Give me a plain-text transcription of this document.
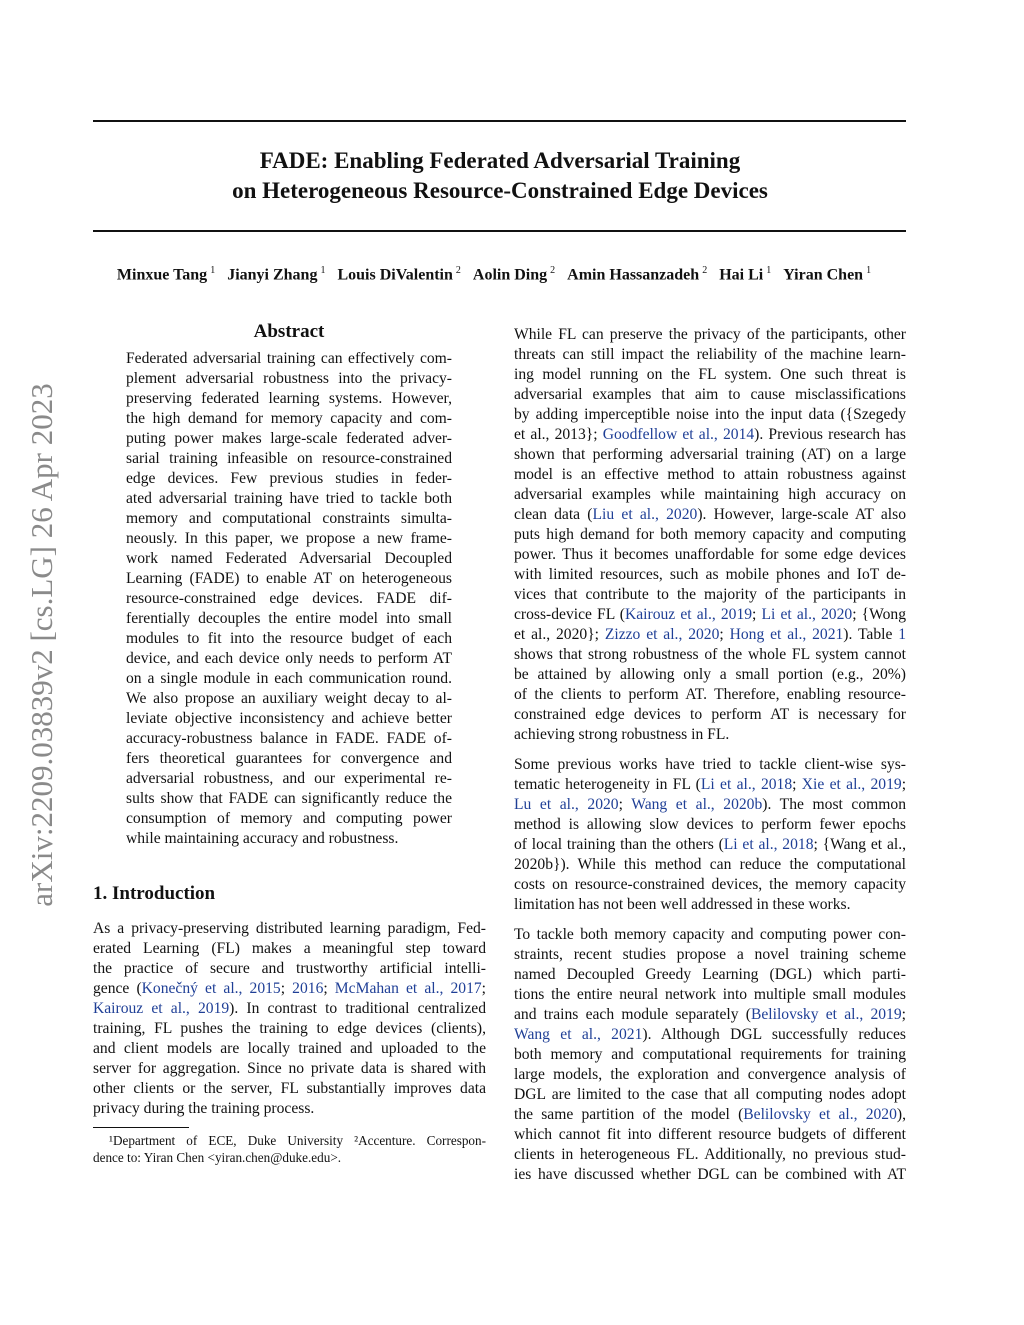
arXiv:2209.03839v2 [cs.LG] 26 Apr 2023
FADE: Enabling Federated Adversarial Training
on Heterogeneous Resource-Constrained Edge Devices
Minxue Tang $^1$ Jianyi Zhang $^1$ Louis DiValentin $^2$ Aolin Ding $^2$ Amin Hassanzadeh $^2$ Hai Li $^1$ Yiran Chen $^1$
Abstract
Federated adversarial training can effectively com-
plement adversarial robustness into the privacy-
preserving federated learning systems. However,
the high demand for memory capacity and com-
puting power makes large-scale federated adver-
sarial training infeasible on resource-constrained
edge devices. Few previous studies in feder-
ated adversarial training have tried to tackle both
memory and computational constraints simulta-
neously. In this paper, we propose a new frame-
work named Federated Adversarial Decoupled
Learning (FADE) to enable AT on heterogeneous
resource-constrained edge devices. FADE dif-
ferentially decouples the entire model into small
modules to fit into the resource budget of each
device, and each device only needs to perform AT
on a single module in each communication round.
We also propose an auxiliary weight decay to al-
leviate objective inconsistency and achieve better
accuracy-robustness balance in FADE. FADE of-
fers theoretical guarantees for convergence and
adversarial robustness, and our experimental re-
sults show that FADE can significantly reduce the
consumption of memory and computing power
while maintaining accuracy and robustness.
1. Introduction
As a privacy-preserving distributed learning paradigm, Fed-
erated Learning (FL) makes a meaningful step toward
the practice of secure and trustworthy artificial intelli-
gence (Konečný et al., 2015; 2016; McMahan et al., 2017;
Kairouz et al., 2019). In contrast to traditional centralized
training, FL pushes the training to edge devices (clients),
and client models are locally trained and uploaded to the
server for aggregation. Since no private data is shared with
other clients or the server, FL substantially improves data
privacy during the training process.
¹Department of ECE, Duke University ²Accenture. Correspon-
dence to: Yiran Chen <yiran.chen@duke.edu>.
While FL can preserve the privacy of the participants, other
threats can still impact the reliability of the machine learn-
ing model running on the FL system. One such threat is
adversarial examples that aim to cause misclassifications
by adding imperceptible noise into the input data ({Szegedy
et al., 2013}; Goodfellow et al., 2014). Previous research has
shown that performing adversarial training (AT) on a large
model is an effective method to attain robustness against
adversarial examples while maintaining high accuracy on
clean data (Liu et al., 2020). However, large-scale AT also
puts high demand for both memory capacity and computing
power. Thus it becomes unaffordable for some edge devices
with limited resources, such as mobile phones and IoT de-
vices that contribute to the majority of the participants in
cross-device FL (Kairouz et al., 2019; Li et al., 2020; {Wong
et al., 2020}; Zizzo et al., 2020; Hong et al., 2021). Table 1
shows that strong robustness of the whole FL system cannot
be attained by allowing only a small portion (e.g., 20%)
of the clients to perform AT. Therefore, enabling resource-
constrained edge devices to perform AT is necessary for
achieving strong robustness in FL.
Some previous works have tried to tackle client-wise sys-
tematic heterogeneity in FL (Li et al., 2018; Xie et al., 2019;
Lu et al., 2020; Wang et al., 2020b). The most common
method is allowing slow devices to perform fewer epochs
of local training than the others (Li et al., 2018; {Wang et al.,
2020b}). While this method can reduce the computational
costs on resource-constrained devices, the memory capacity
limitation has not been well addressed in these works.
To tackle both memory capacity and computing power con-
straints, recent studies propose a novel training scheme
named Decoupled Greedy Learning (DGL) which parti-
tions the entire neural network into multiple small modules
and trains each module separately (Belilovsky et al., 2019;
Wang et al., 2021). Although DGL successfully reduces
both memory and computational requirements for training
large models, the exploration and convergence analysis of
DGL are limited to the case that all computing nodes adopt
the same partition of the model (Belilovsky et al., 2020),
which cannot fit into different resource budgets of different
clients in heterogeneous FL. Additionally, no previous stud-
ies have discussed whether DGL can be combined with AT
